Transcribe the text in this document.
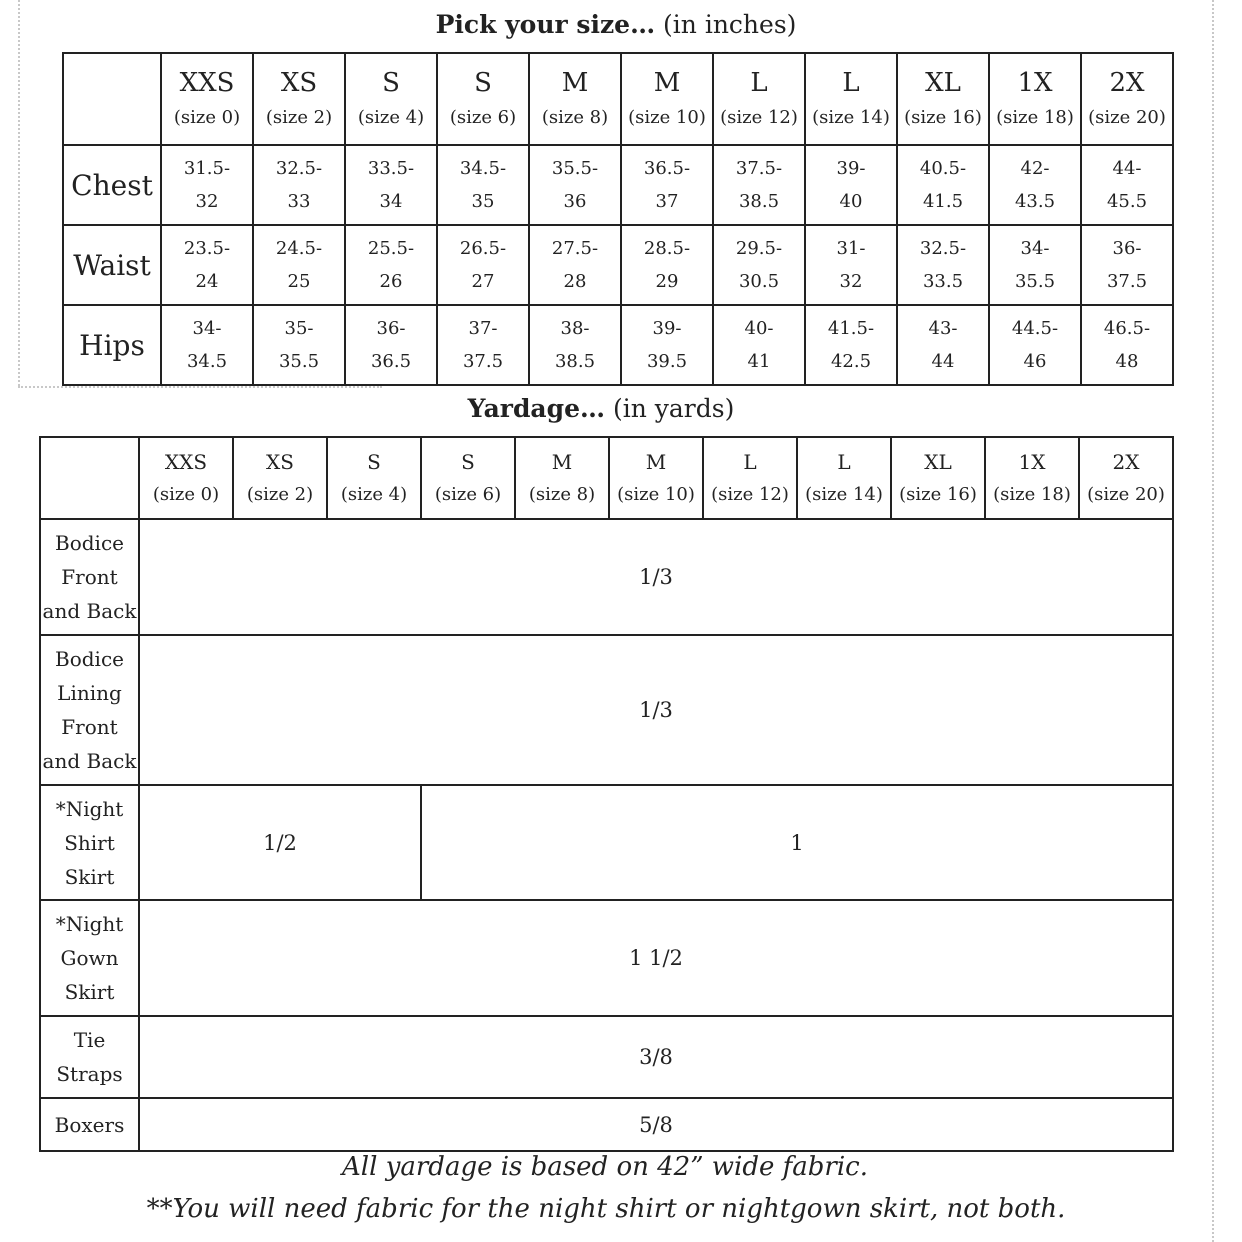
Pick your size… (in inches)

	XXS
(size 0)	XS
(size 2)	S
(size 4)	S
(size 6)	M
(size 8)	M
(size 10)	L
(size 12)	L
(size 14)	XL
(size 16)	1X
(size 18)	2X
(size 20)

Chest	31.5-
32	32.5-
33	33.5-
34	34.5-
35	35.5-
36	36.5-
37	37.5-
38.5	39-
40	40.5-
41.5	42-
43.5	44-
45.5

Waist	23.5-
24	24.5-
25	25.5-
26	26.5-
27	27.5-
28	28.5-
29	29.5-
30.5	31-
32	32.5-
33.5	34-
35.5	36-
37.5

Hips	34-
34.5	35-
35.5	36-
36.5	37-
37.5	38-
38.5	39-
39.5	40-
41	41.5-
42.5	43-
44	44.5-
46	46.5-
48
Yardage… (in yards)

	XXS
(size 0)	XS
(size 2)	S
(size 4)	S
(size 6)	M
(size 8)	M
(size 10)	L
(size 12)	L
(size 14)	XL
(size 16)	1X
(size 18)	2X
(size 20)

Bodice
Front
and Back	1/3										

Bodice
Lining
Front
and Back	1/3										

*Night
Shirt
Skirt	1/2			1							

*Night
Gown
Skirt	1 1/2										

Tie
Straps	3/8										

Boxers	5/8										
All yardage is based on 42” wide fabric.
**You will need fabric for the night shirt or nightgown skirt, not both.
